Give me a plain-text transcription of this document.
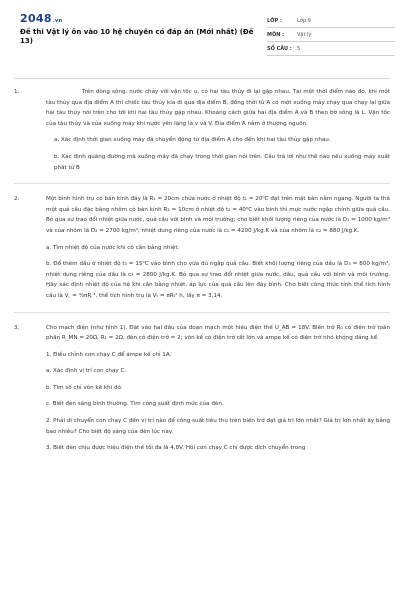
2048.vn
Đề thi Vật lý ôn vào 10 hệ chuyên có đáp án (Mới nhất) (Đề 13)
LỚP :	Lớp 9
MÔN :	Vật lý
SỐ CÂU :	5
1.	Trên dòng sông, nước chảy với vận tốc u, có hai tàu thủy đi lại gặp nhau. Tại một thời điểm nào đó, khi một tàu thủy qua địa điểm A thì chiếc tàu thủy kia đi qua địa điểm B, đồng thời từ A có một xuồng máy chạy qua chạy lại giữa hai tàu thủy nói trên cho tới khi hai tàu thủy gặp nhau. Khoảng cách giữa hai địa điểm A và B theo bờ sông là L. Vận tốc của tàu thủy và của xuồng máy khi nước yên lặng là v và V. Địa điểm A nằm ở thượng nguồn.

a. Xác định thời gian xuồng máy đã chuyển động từ địa điểm A cho đến khi hai tàu thủy gặp nhau.

b. Xác định quãng đường mà xuồng máy đã chạy trong thời gian nói trên. Câu trả lời như thế nào nếu xuồng máy xuất phát từ B

2.	Một bình hình trụ có bán kính đáy là R₁ = 20cm chứa nước ở nhiệt độ t₁ = 20⁰C đặt trên mặt bàn nằm ngang. Người ta thả một quả cầu đặc bằng nhôm có bán kính R₂ = 10cm ở nhiệt độ t₂ = 40⁰C vào bình thì mực nước ngập chính giữa quả cầu. Bỏ qua sự trao đổi nhiệt giữa nước, quả cầu với bình và môi trường; cho biết khối lượng riêng của nước là D₁ = 1000 kg/m³ và của nhôm là D₂ = 2700 kg/m³; nhiệt dung riêng của nước là c₁ = 4200 J/kg.K và của nhôm là c₂ = 880 J/kg.K.

a. Tìm nhiệt độ của nước khi có cân bằng nhiệt.

b. Đổ thêm dầu ở nhiệt độ t₃ = 15⁰C vào bình cho vừa đủ ngập quả cầu. Biết khối lượng riêng của dầu là D₃ = 800 kg/m³, nhiệt dung riêng của dầu là c₃ = 2800 J/kg.K. Bỏ qua sự trao đổi nhiệt giữa nước, dầu, quả cầu với bình và môi trường. Hãy xác định nhiệt độ của hệ khi cân bằng nhiệt, áp lực của quả cầu lên đáy bình. Cho biết công thức tính thể tích hình cầu là V꜀ = ⁴⁄₃πR꜀³, thể tích hình trụ là Vₜ = πRₜ² h, lấy π = 3,14.

3.	Cho mạch điện (như hình 1). Đặt vào hai đầu của đoạn mạch một hiệu điện thế U_AB = 18V. Biến trở R₀ có điện trở toàn phần R_MN = 20Ω, R₁ = 2Ω, đèn có điện trở = 2; vôn kế có điện trở rất lớn và ampe kế có điện trở nhỏ không đáng kể.

1. Điều chỉnh con chạy C để ampe kế chỉ 1A.

a. Xác định vị trí con chạy C.

b. Tìm số chỉ vôn kế khi đó.

c. Biết đèn sáng bình thường. Tìm công suất định mức của đèn.

2. Phải di chuyển con chạy C đến vị trí nào để công suất tiêu thụ trên biến trở đạt giá trị lớn nhất? Giá trị lớn nhất ấy bằng bao nhiêu? Cho biết độ sáng của đèn lúc này.

3. Biết đèn chịu được hiệu điện thế tối đa là 4,8V. Hỏi con chạy C chỉ được dịch chuyển trong
